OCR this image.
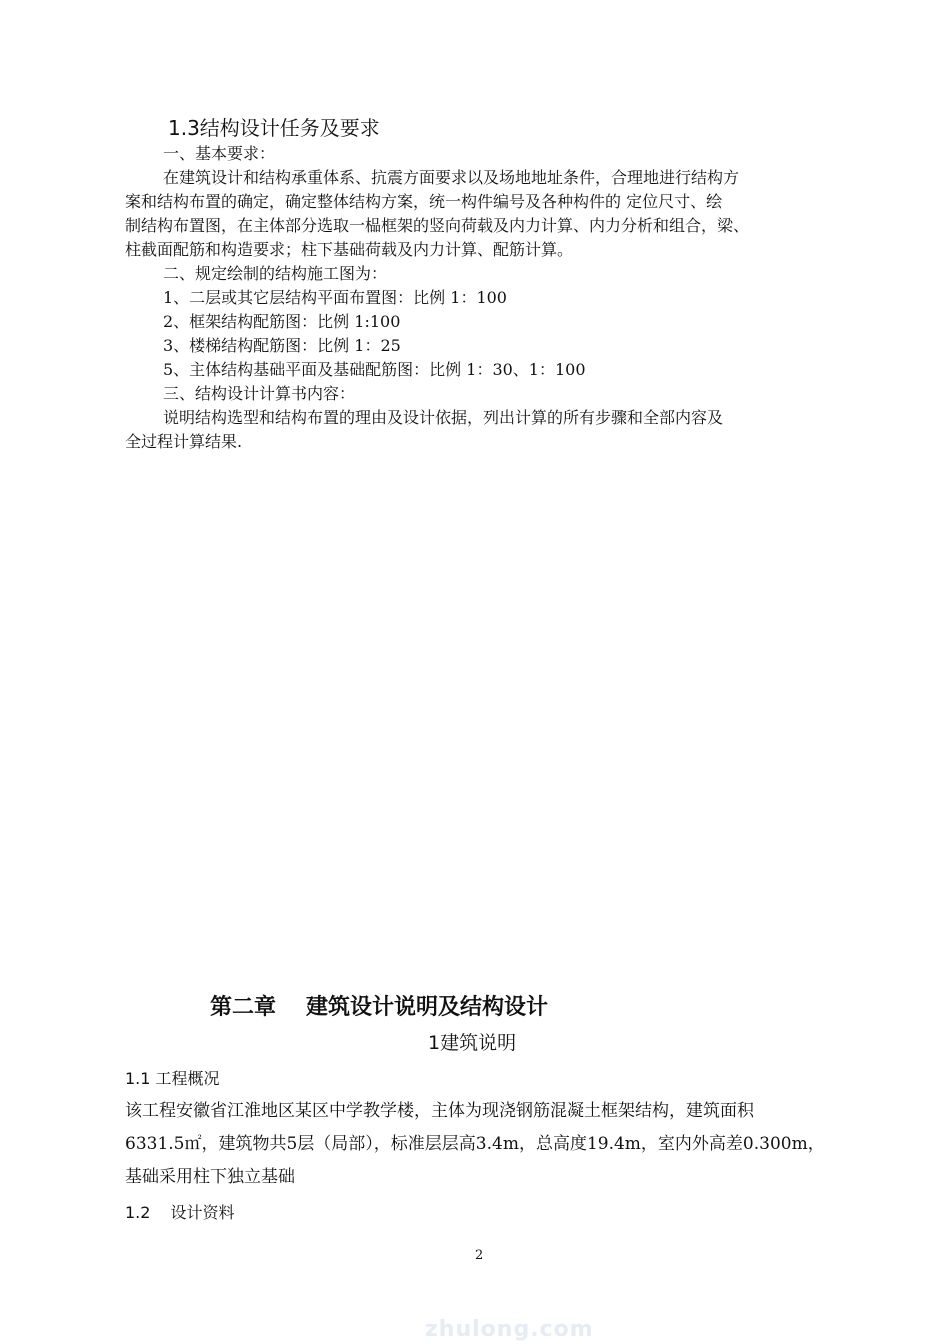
1.3结构设计任务及要求
一、基本要求：
在建筑设计和结构承重体系、抗震方面要求以及场地地址条件，合理地进行结构方
案和结构布置的确定，确定整体结构方案，统一构件编号及各种构件的 定位尺寸、绘
制结构布置图，在主体部分选取一榀框架的竖向荷载及内力计算、内力分析和组合，梁、
柱截面配筋和构造要求；柱下基础荷载及内力计算、配筋计算。
二、规定绘制的结构施工图为：
1、二层或其它层结构平面布置图：比例 1：100
2、框架结构配筋图：比例 1:100
3、楼梯结构配筋图：比例 1：25
5、主体结构基础平面及基础配筋图：比例 1：30、1：100
三、结构设计计算书内容：
说明结构选型和结构布置的理由及设计依据，列出计算的所有步骤和全部内容及
全过程计算结果.
第二章 建筑设计说明及结构设计
1建筑说明
1.1 工程概况
该工程安徽省江淮地区某区中学教学楼，主体为现浇钢筋混凝土框架结构，建筑面积
6331.5㎡，建筑物共5层（局部），标准层层高3.4m，总高度19.4m，室内外高差0.300m，
基础采用柱下独立基础
1.2 设计资料
2
zhulong.com
